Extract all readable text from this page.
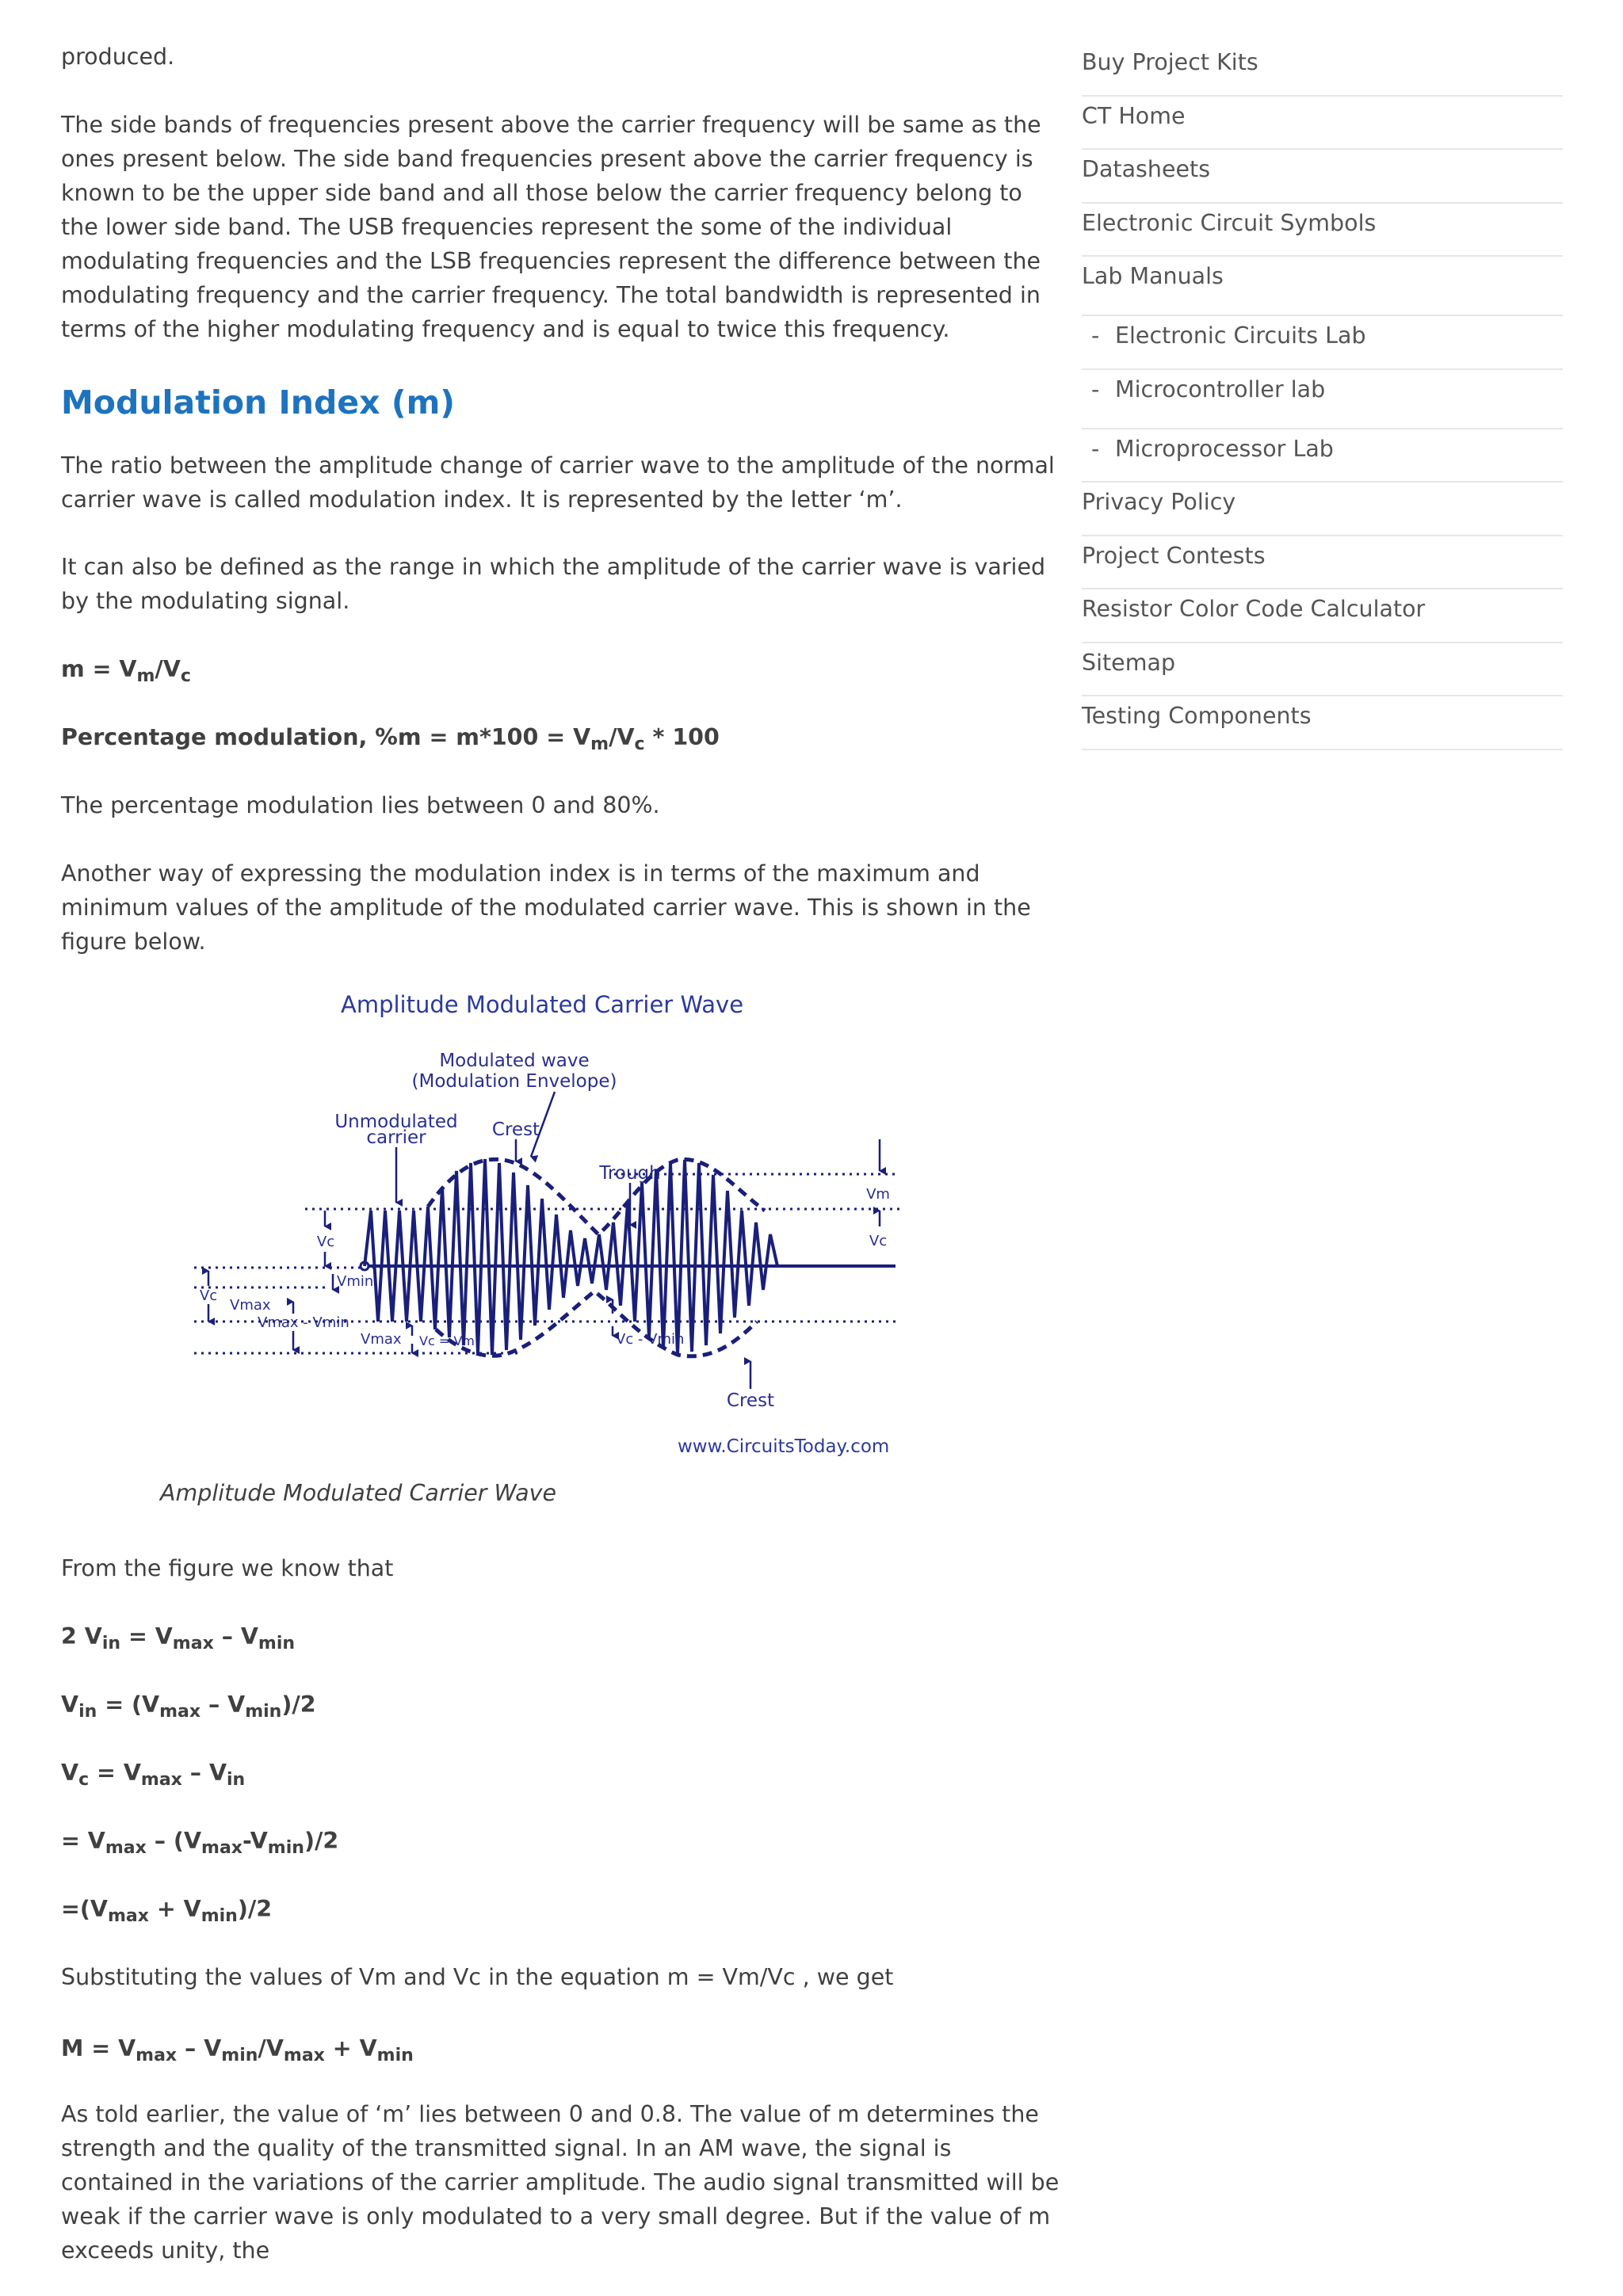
produced.

The side bands of frequencies present above the carrier frequency will be same as the ones present below. The side band frequencies present above the carrier frequency is known to be the upper side band and all those below the carrier frequency belong to the lower side band. The USB frequencies represent the some of the individual modulating frequencies and the LSB frequencies represent the difference between the modulating frequency and the carrier frequency. The total bandwidth is represented in terms of the higher modulating frequency and is equal to twice this frequency.

Modulation Index (m)

The ratio between the amplitude change of carrier wave to the amplitude of the normal carrier wave is called modulation index. It is represented by the letter ‘m’.

It can also be defined as the range in which the amplitude of the carrier wave is varied by the modulating signal.

$m = V_m/V_c$
Percentage modulation, $\%m = m*100 = V_m/V_c * 100$

The percentage modulation lies between 0 and 80%.

Another way of expressing the modulation index is in terms of the maximum and minimum values of the amplitude of the modulated carrier wave. This is shown in the figure below.

Amplitude Modulated Carrier Wave

From the figure we know that

2 $V_{in} = V_{max} - V_{min}$
$V_{in} = (V_{max} - V_{min})/2$
$V_c = V_{max} - V_{in}$
= $V_{max} - (V_{max}-V_{min})/2$
$=(V_{max} + V_{min})/2$

Substituting the values of Vm and Vc in the equation m = Vm/Vc , we get

$M = V_{max} - V_{min}/V_{max} + V_{min}$

As told earlier, the value of ‘m’ lies between 0 and 0.8. The value of m determines the strength and the quality of the transmitted signal. In an AM wave, the signal is contained in the variations of the carrier amplitude. The audio signal transmitted will be weak if the carrier wave is only modulated to a very small degree. But if the value of m exceeds unity, the

Amplitude Modulated Carrier Wave
Modulated wave
(Modulation Envelope)
Unmodulated
carrier	Crest
Trough
Vm
Vc
Vc
Vc
Vmin
Vmax
Vmax - Vmin
Vmax Vc = Vm	Vc - Vmin
Crest
www.CircuitsToday.com
Buy Project Kits
CT Home
Datasheets
Electronic Circuit Symbols
Lab Manuals
- Electronic Circuits Lab
- Microcontroller lab
- Microprocessor Lab
Privacy Policy
Project Contests
Resistor Color Code Calculator
Sitemap
Testing Components
